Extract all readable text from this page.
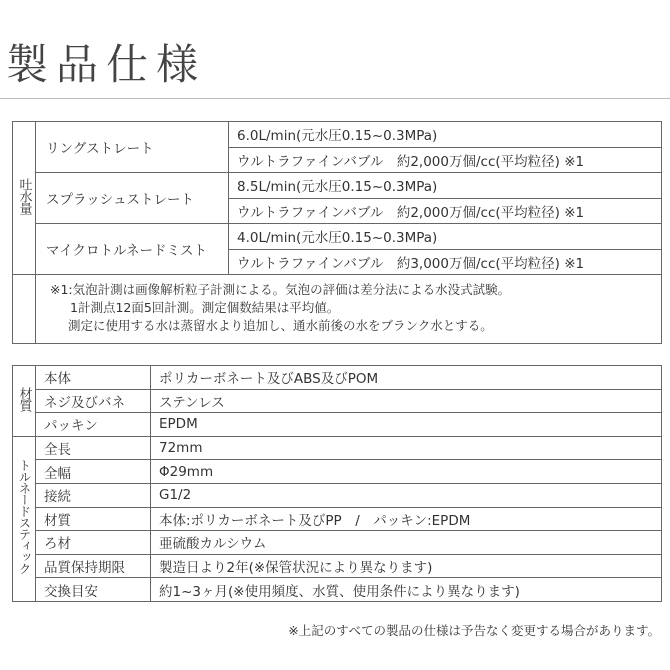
製品仕様
吐水量	リングストレート	6.0L/min(元水圧0.15~0.3MPa)
		ウルトラファインバブル　約2,000万個/cc(平均粒径) ※1
	スプラッシュストレート	8.5L/min(元水圧0.15~0.3MPa)
		ウルトラファインバブル　約2,000万個/cc(平均粒径) ※1
	マイクロトルネードミスト	4.0L/min(元水圧0.15~0.3MPa)
		ウルトラファインバブル　約3,000万個/cc(平均粒径) ※1

	※1:気泡計測は画像解析粒子計測による。気泡の評価は差分法による水没式試験。
1計測点12面5回計測。測定個数結果は平均値。
測定に使用する水は蒸留水より追加し、通水前後の水をブランク水とする。	
材質	本体	ポリカーボネート及びABS及びPOM
	ネジ及びバネ	ステンレス
	パッキン	EPDM
トルネードスティック	全長	72mm
	全幅	Φ29mm
	接続	G1/2
	材質	本体:ポリカーボネート及びPP　/　パッキン:EPDM
	ろ材	亜硫酸カルシウム
	品質保持期限	製造日より2年(※保管状況により異なります)
	交換目安	約1~3ヶ月(※使用頻度、水質、使用条件により異なります)
※上記のすべての製品の仕様は予告なく変更する場合があります。
